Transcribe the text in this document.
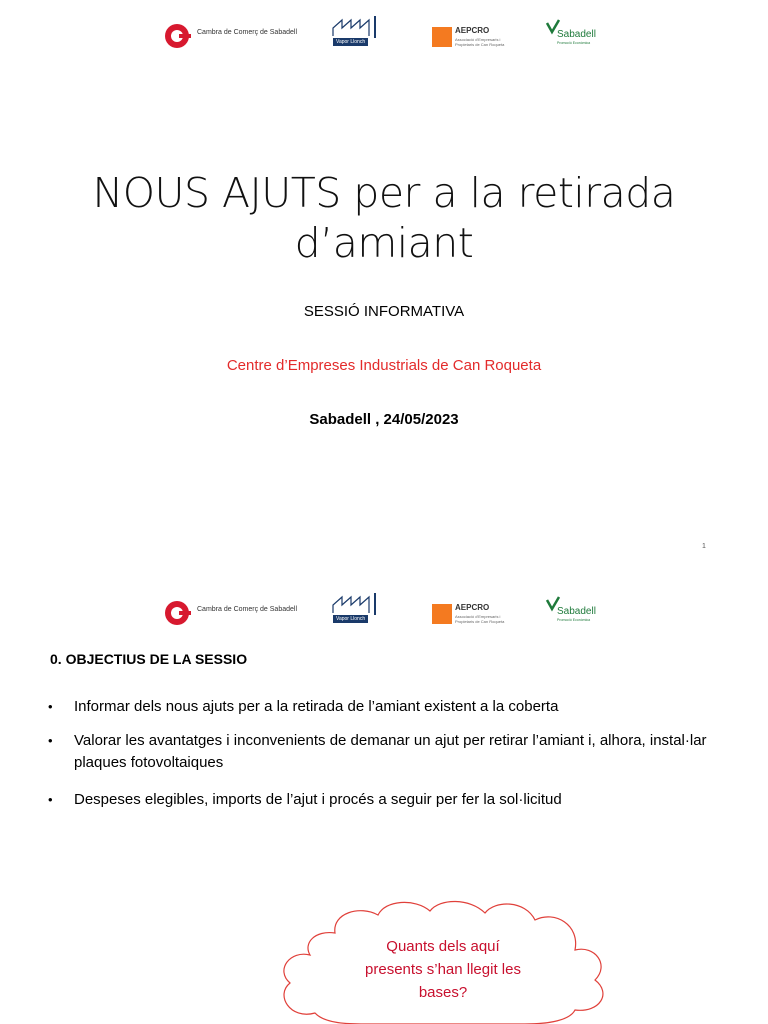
Cambra de Comerç de Sabadell
Vapor Llonch
AEPCRO
Associació d'Empresaris i Propietaris de Can Roqueta
Sabadell
Promoció Econòmica
NOUS AJUTS per a la retirada
d’amiant
SESSIÓ INFORMATIVA
Centre d’Empreses Industrials de Can Roqueta
Sabadell , 24/05/2023
1
Cambra de Comerç de Sabadell
Vapor Llonch
AEPCRO
Associació d'Empresaris i Propietaris de Can Roqueta
Sabadell
Promoció Econòmica
0. OBJECTIUS DE LA SESSIO
• Informar dels nous ajuts per a la retirada de l’amiant existent a la coberta
• Valorar les avantatges i inconvenients de demanar un ajut per retirar l’amiant i, alhora, instal·lar plaques fotovoltaiques
• Despeses elegibles, imports de l’ajut i procés a seguir per fer la sol·licitud
Quants dels aquí
presents s’han llegit les
bases?
